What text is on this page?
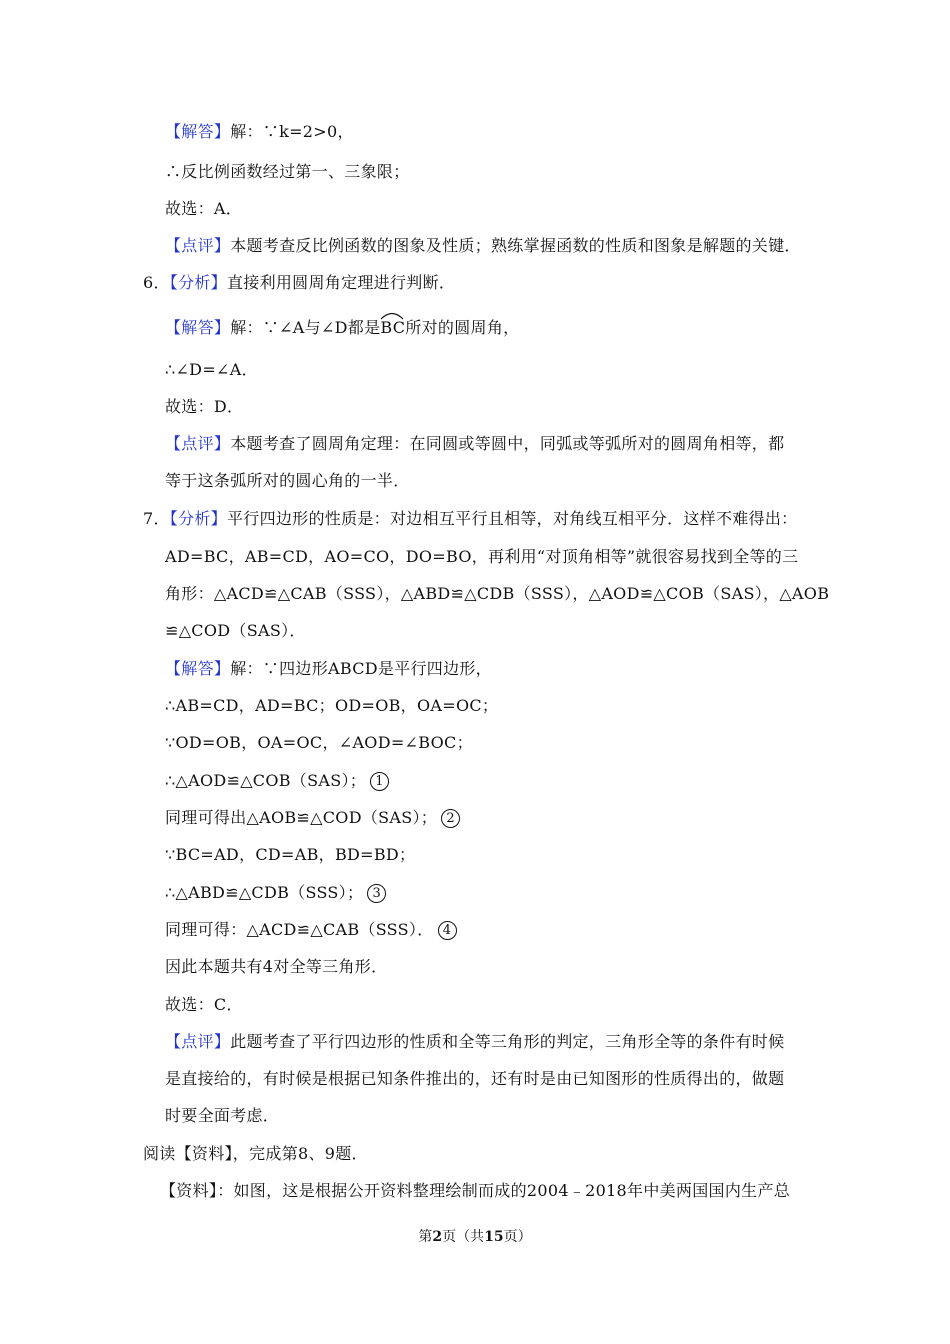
【解答】解：∵k=2>0，
∴反比例函数经过第一、三象限；
故选：A．
【点评】本题考查反比例函数的图象及性质；熟练掌握函数的性质和图象是解题的关键．
6．【分析】直接利用圆周角定理进行判断．
【解答】解：∵∠A与∠D都是
BC所对的圆周角，
∴∠D=∠A．
故选：D．
【点评】本题考查了圆周角定理：在同圆或等圆中，同弧或等弧所对的圆周角相等，都
等于这条弧所对的圆心角的一半．
7．【分析】平行四边形的性质是：对边相互平行且相等，对角线互相平分．这样不难得出：
AD=BC，AB=CD，AO=CO，DO=BO，再利用“对顶角相等”就很容易找到全等的三
角形：△ACD≌△CAB（SSS），△ABD≌△CDB（SSS），△AOD≌△COB（SAS），△AOB
≌△COD（SAS）．
【解答】解：∵四边形ABCD是平行四边形，
∴AB=CD，AD=BC；OD=OB，OA=OC；
∵OD=OB，OA=OC，∠AOD=∠BOC；
∴△AOD≌△COB（SAS）； 1
同理可得出△AOB≌△COD（SAS）； 2
∵BC=AD，CD=AB，BD=BD；
∴△ABD≌△CDB（SSS）； 3
同理可得：△ACD≌△CAB（SSS）． 4
因此本题共有4对全等三角形．
故选：C．
【点评】此题考查了平行四边形的性质和全等三角形的判定，三角形全等的条件有时候
是直接给的，有时候是根据已知条件推出的，还有时是由已知图形的性质得出的，做题
时要全面考虑．
阅读【资料】，完成第8、9题．
【资料】：如图，这是根据公开资料整理绘制而成的2004﹣2018年中美两国国内生产总
第2页（共15页）
